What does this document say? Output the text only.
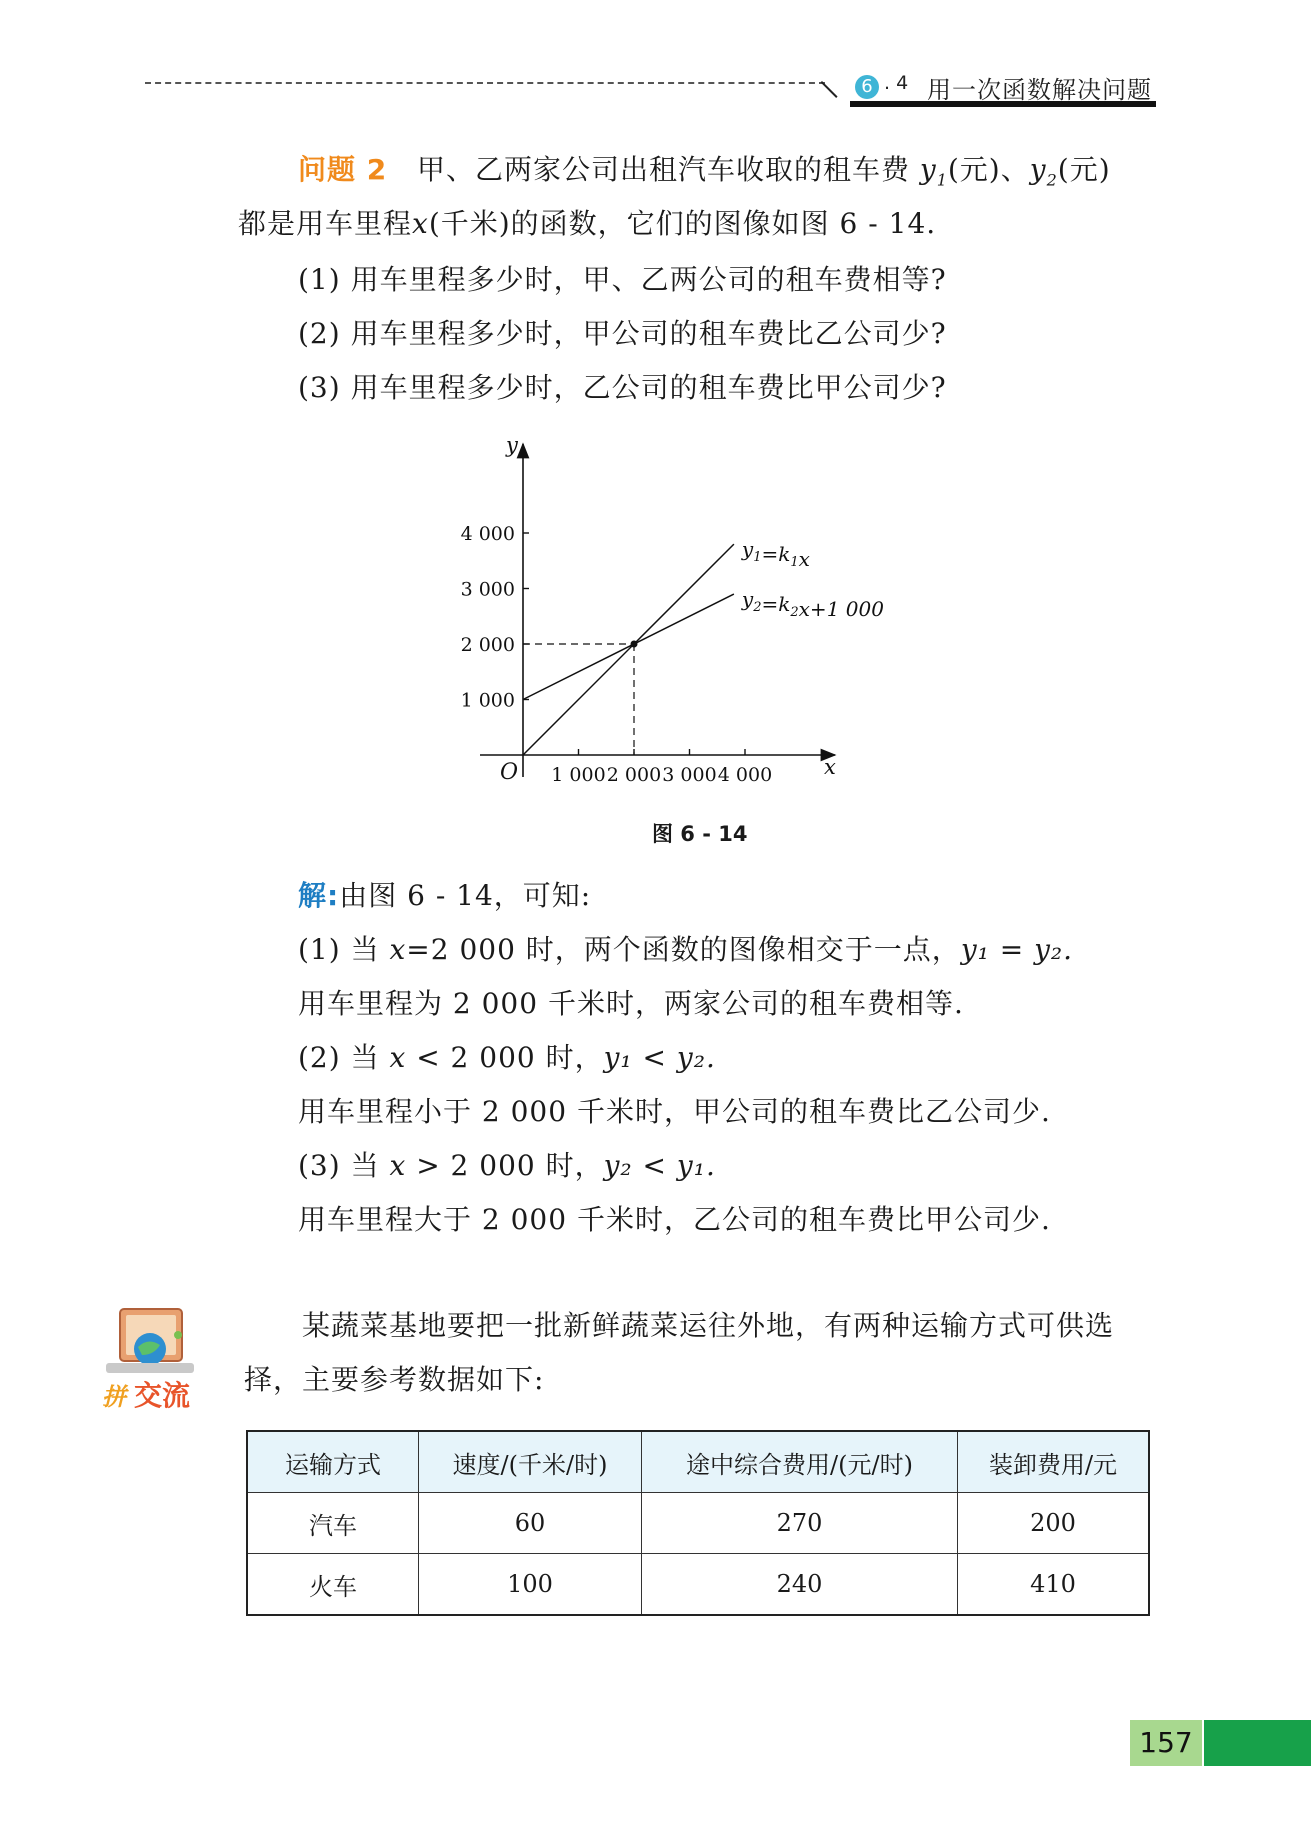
6 . 4 用一次函数解决问题
问题 2 甲、乙两家公司出租汽车收取的租车费 $y_1$(元)、$y_2$(元)
都是用车里程x(千米)的函数，它们的图像如图 6 - 14.
(1) 用车里程多少时，甲、乙两公司的租车费相等?
(2) 用车里程多少时，甲公司的租车费比乙公司少?
(3) 用车里程多少时，乙公司的租车费比甲公司少?
1 000
2 000
3 000
4 000
1 000 2 000 3 000 4 000
y
x
O
$y_1=k_1x$
$y_2=k_2x+1$ 000
图 6 - 14
解:由图 6 - 14，可知:
(1) 当 x=2 000 时，两个函数的图像相交于一点，y₁ = y₂.
用车里程为 2 000 千米时，两家公司的租车费相等.
(2) 当 x < 2 000 时，y₁ < y₂.
用车里程小于 2 000 千米时，甲公司的租车费比乙公司少.
(3) 当 x > 2 000 时，y₂ < y₁.
用车里程大于 2 000 千米时，乙公司的租车费比甲公司少.
拼 交流
某蔬菜基地要把一批新鲜蔬菜运往外地，有两种运输方式可供选
择，主要参考数据如下:
运输方式	速度/(千米/时)	途中综合费用/(元/时)	装卸费用/元
汽车	60	270	200
火车	100	240	410
157
